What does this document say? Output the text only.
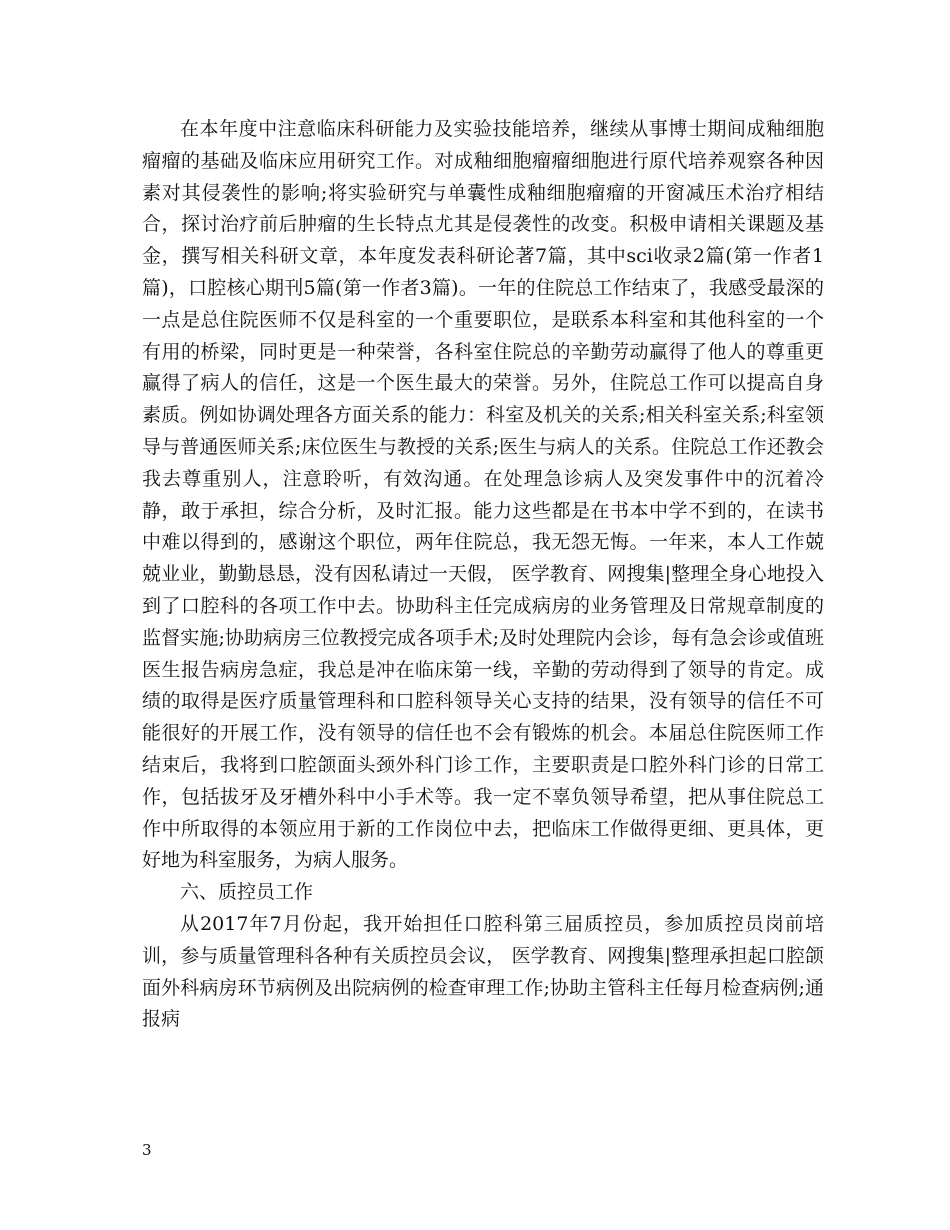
在本年度中注意临床科研能力及实验技能培养，继续从事博士期间成釉细胞瘤瘤的基础及临床应用研究工作。对成釉细胞瘤瘤细胞进行原代培养观察各种因素对其侵袭性的影响;将实验研究与单囊性成釉细胞瘤瘤的开窗减压术治疗相结合，探讨治疗前后肿瘤的生长特点尤其是侵袭性的改变。积极申请相关课题及基金，撰写相关科研文章，本年度发表科研论著7篇，其中sci收录2篇(第一作者1篇)，口腔核心期刊5篇(第一作者3篇)。一年的住院总工作结束了，我感受最深的一点是总住院医师不仅是科室的一个重要职位，是联系本科室和其他科室的一个有用的桥梁，同时更是一种荣誉，各科室住院总的辛勤劳动赢得了他人的尊重更赢得了病人的信任，这是一个医生最大的荣誉。另外，住院总工作可以提高自身素质。例如协调处理各方面关系的能力：科室及机关的关系;相关科室关系;科室领导与普通医师关系;床位医生与教授的关系;医生与病人的关系。住院总工作还教会我去尊重别人，注意聆听，有效沟通。在处理急诊病人及突发事件中的沉着冷静，敢于承担，综合分析，及时汇报。能力这些都是在书本中学不到的，在读书中难以得到的，感谢这个职位，两年住院总，我无怨无悔。一年来，本人工作兢兢业业，勤勤恳恳，没有因私请过一天假， 医学教育、网搜集|整理全身心地投入到了口腔科的各项工作中去。协助科主任完成病房的业务管理及日常规章制度的监督实施;协助病房三位教授完成各项手术;及时处理院内会诊，每有急会诊或值班医生报告病房急症，我总是冲在临床第一线，辛勤的劳动得到了领导的肯定。成绩的取得是医疗质量管理科和口腔科领导关心支持的结果，没有领导的信任不可能很好的开展工作，没有领导的信任也不会有锻炼的机会。本届总住院医师工作结束后，我将到口腔颌面头颈外科门诊工作，主要职责是口腔外科门诊的日常工作，包括拔牙及牙槽外科中小手术等。我一定不辜负领导希望，把从事住院总工作中所取得的本领应用于新的工作岗位中去，把临床工作做得更细、更具体，更好地为科室服务，为病人服务。

六、质控员工作

从2017年7月份起，我开始担任口腔科第三届质控员，参加质控员岗前培训，参与质量管理科各种有关质控员会议， 医学教育、网搜集|整理承担起口腔颌面外科病房环节病例及出院病例的检查审理工作;协助主管科主任每月检查病例;通报病

3
